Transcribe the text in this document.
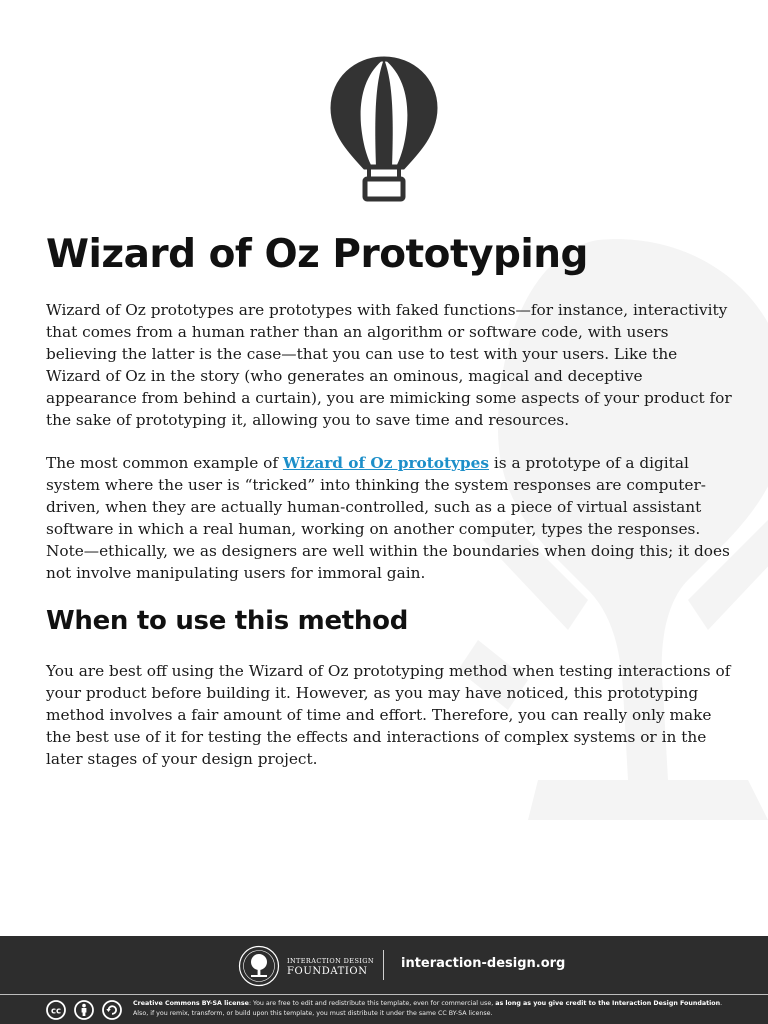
Wizard of Oz Prototyping

Wizard of Oz prototypes are prototypes with faked functions—for instance, interactivity that comes from a human rather than an algorithm or software code, with users believing the latter is the case—that you can use to test with your users. Like the Wizard of Oz in the story (who generates an ominous, magical and deceptive appearance from behind a curtain), you are mimicking some aspects of your product for the sake of prototyping it, allowing you to save time and resources.

The most common example of Wizard of Oz prototypes is a prototype of a digital system where the user is “tricked” into thinking the system responses are computer-driven, when they are actually human-controlled, such as a piece of virtual assistant software in which a real human, working on another computer, types the responses. Note—ethically, we as designers are well within the boundaries when doing this; it does not involve manipulating users for immoral gain.

When to use this method

You are best off using the Wizard of Oz prototyping method when testing interactions of your product before building it. However, as you may have noticed, this prototyping method involves a fair amount of time and effort. Therefore, you can really only make the best use of it for testing the effects and interactions of complex systems or in the later stages of your design project.

INTERACTION DESIGN
FOUNDATION
interaction-design.org
cc
Creative Commons BY-SA license: You are free to edit and redistribute this template, even for commercial use, as long as you give credit to the Interaction Design Foundation.
Also, if you remix, transform, or build upon this template, you must distribute it under the same CC BY-SA license.
